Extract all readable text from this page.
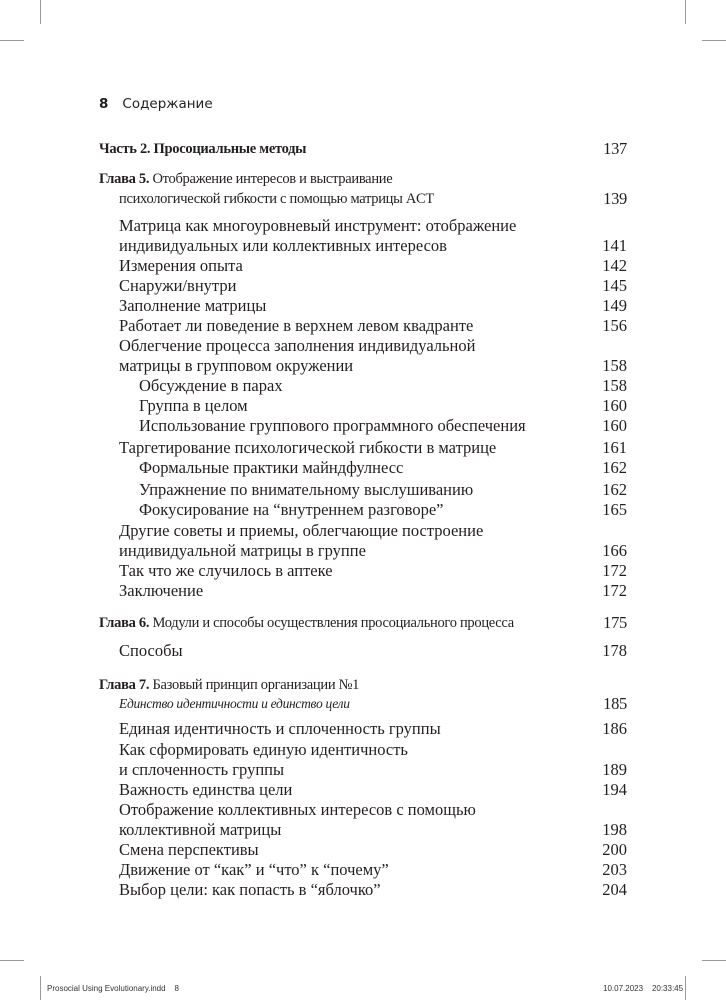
8 Содержание
Часть 2. Просоциальные методы	137
Глава 5. Отображение интересов и выстраивание
психологической гибкости с помощью матрицы ACT	139
Матрица как многоуровневый инструмент: отображение
индивидуальных или коллективных интересов	141
Измерения опыта	142
Снаружи/внутри	145
Заполнение матрицы	149
Работает ли поведение в верхнем левом квадранте	156
Облегчение процесса заполнения индивидуальной
матрицы в групповом окружении	158
Обсуждение в парах	158
Группа в целом	160
Использование группового программного обеспечения	160
Таргетирование психологической гибкости в матрице	161
Формальные практики майндфулнесс	162
Упражнение по внимательному выслушиванию	162
Фокусирование на “внутреннем разговоре”	165
Другие советы и приемы, облегчающие построение
индивидуальной матрицы в группе	166
Так что же случилось в аптеке	172
Заключение	172
Глава 6. Модули и способы осуществления просоциального процесса	175
Способы	178
Глава 7. Базовый принцип организации №1
Единство идентичности и единство цели	185
Единая идентичность и сплоченность группы	186
Как сформировать единую идентичность
и сплоченность группы	189
Важность единства цели	194
Отображение коллективных интересов с помощью
коллективной матрицы	198
Смена перспективы	200
Движение от “как” и “что” к “почему”	203
Выбор цели: как попасть в “яблочко”	204
Prosocial Using Evolutionary.indd 8	10.07.2023 20:33:45
